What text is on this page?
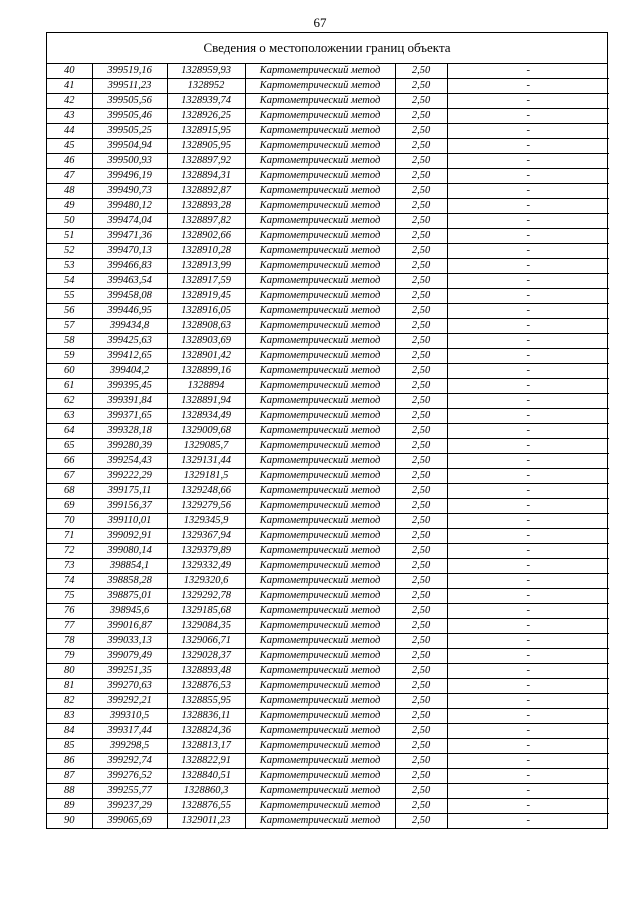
67
Сведения о местоположении границ объекта
40	399519,16	1328959,93	Картометрический метод	2,50	-
41	399511,23	1328952	Картометрический метод	2,50	-
42	399505,56	1328939,74	Картометрический метод	2,50	-
43	399505,46	1328926,25	Картометрический метод	2,50	-
44	399505,25	1328915,95	Картометрический метод	2,50	-
45	399504,94	1328905,95	Картометрический метод	2,50	-
46	399500,93	1328897,92	Картометрический метод	2,50	-
47	399496,19	1328894,31	Картометрический метод	2,50	-
48	399490,73	1328892,87	Картометрический метод	2,50	-
49	399480,12	1328893,28	Картометрический метод	2,50	-
50	399474,04	1328897,82	Картометрический метод	2,50	-
51	399471,36	1328902,66	Картометрический метод	2,50	-
52	399470,13	1328910,28	Картометрический метод	2,50	-
53	399466,83	1328913,99	Картометрический метод	2,50	-
54	399463,54	1328917,59	Картометрический метод	2,50	-
55	399458,08	1328919,45	Картометрический метод	2,50	-
56	399446,95	1328916,05	Картометрический метод	2,50	-
57	399434,8	1328908,63	Картометрический метод	2,50	-
58	399425,63	1328903,69	Картометрический метод	2,50	-
59	399412,65	1328901,42	Картометрический метод	2,50	-
60	399404,2	1328899,16	Картометрический метод	2,50	-
61	399395,45	1328894	Картометрический метод	2,50	-
62	399391,84	1328891,94	Картометрический метод	2,50	-
63	399371,65	1328934,49	Картометрический метод	2,50	-
64	399328,18	1329009,68	Картометрический метод	2,50	-
65	399280,39	1329085,7	Картометрический метод	2,50	-
66	399254,43	1329131,44	Картометрический метод	2,50	-
67	399222,29	1329181,5	Картометрический метод	2,50	-
68	399175,11	1329248,66	Картометрический метод	2,50	-
69	399156,37	1329279,56	Картометрический метод	2,50	-
70	399110,01	1329345,9	Картометрический метод	2,50	-
71	399092,91	1329367,94	Картометрический метод	2,50	-
72	399080,14	1329379,89	Картометрический метод	2,50	-
73	398854,1	1329332,49	Картометрический метод	2,50	-
74	398858,28	1329320,6	Картометрический метод	2,50	-
75	398875,01	1329292,78	Картометрический метод	2,50	-
76	398945,6	1329185,68	Картометрический метод	2,50	-
77	399016,87	1329084,35	Картометрический метод	2,50	-
78	399033,13	1329066,71	Картометрический метод	2,50	-
79	399079,49	1329028,37	Картометрический метод	2,50	-
80	399251,35	1328893,48	Картометрический метод	2,50	-
81	399270,63	1328876,53	Картометрический метод	2,50	-
82	399292,21	1328855,95	Картометрический метод	2,50	-
83	399310,5	1328836,11	Картометрический метод	2,50	-
84	399317,44	1328824,36	Картометрический метод	2,50	-
85	399298,5	1328813,17	Картометрический метод	2,50	-
86	399292,74	1328822,91	Картометрический метод	2,50	-
87	399276,52	1328840,51	Картометрический метод	2,50	-
88	399255,77	1328860,3	Картометрический метод	2,50	-
89	399237,29	1328876,55	Картометрический метод	2,50	-
90	399065,69	1329011,23	Картометрический метод	2,50	-
